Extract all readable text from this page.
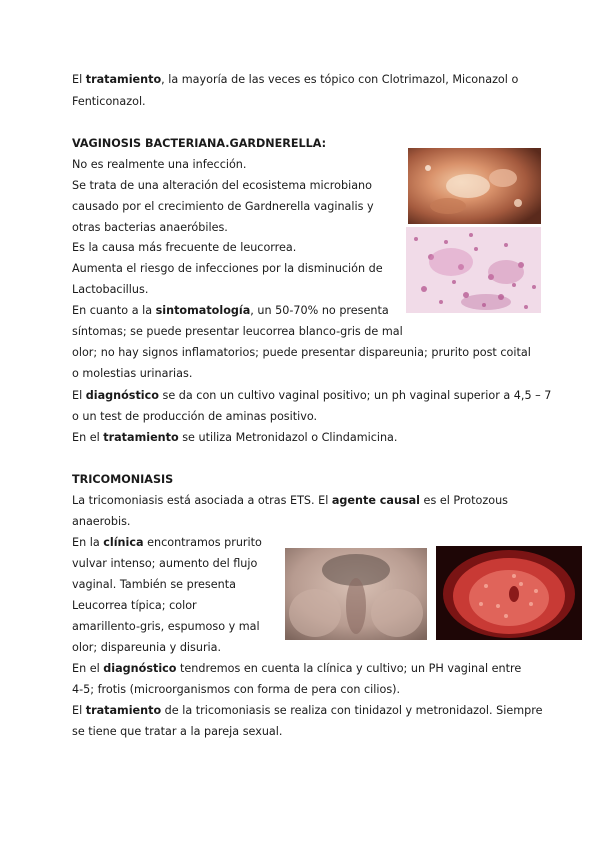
El tratamiento, la mayoría de las veces es tópico con Clotrimazol, Miconazol o
Fenticonazol.
VAGINOSIS BACTERIANA.GARDNERELLA:
No es realmente una infección.
Se trata de una alteración del ecosistema microbiano
causado por el crecimiento de Gardnerella vaginalis y
otras bacterias anaeróbiles.
Es la causa más frecuente de leucorrea.
Aumenta el riesgo de infecciones por la disminución de
Lactobacillus.
En cuanto a la sintomatología, un 50-70% no presenta
síntomas; se puede presentar leucorrea blanco-gris de mal
olor; no hay signos inflamatorios; puede presentar dispareunia; prurito post coital
o molestias urinarias.
El diagnóstico se da con un cultivo vaginal positivo; un ph vaginal superior a 4,5 – 7
o un test de producción de aminas positivo.
En el tratamiento se utiliza Metronidazol o Clindamicina.
TRICOMONIASIS
La tricomoniasis está asociada a otras ETS. El agente causal es el Protozous
anaerobis.
En la clínica encontramos prurito
vulvar intenso; aumento del flujo
vaginal. También se presenta
Leucorrea típica; color
amarillento-gris, espumoso y mal
olor; dispareunia y disuria.
En el diagnóstico tendremos en cuenta la clínica y cultivo; un PH vaginal entre
4-5; frotis (microorganismos con forma de pera con cilios).
El tratamiento de la tricomoniasis se realiza con tinidazol y metronidazol. Siempre
se tiene que tratar a la pareja sexual.
